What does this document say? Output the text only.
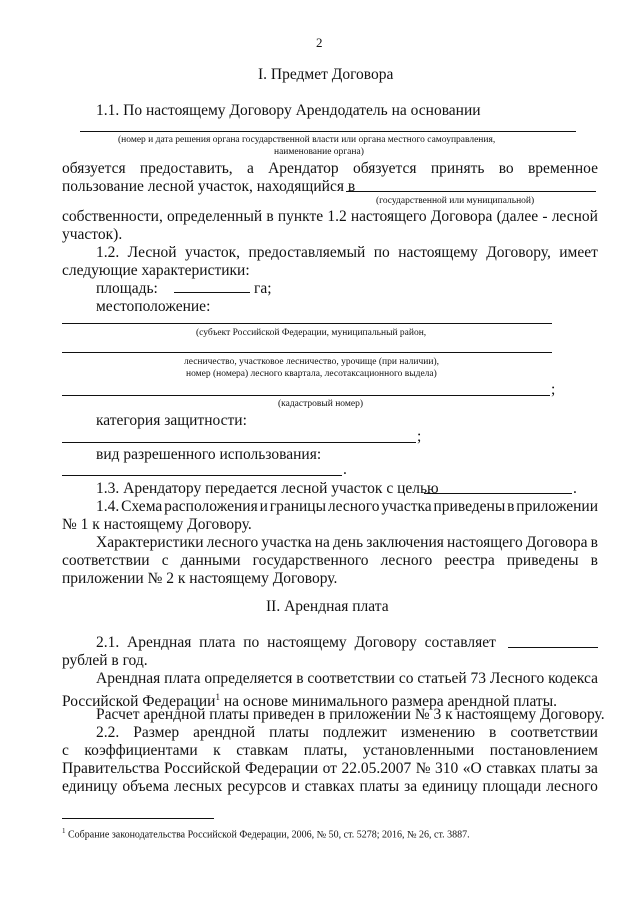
2
I. Предмет Договора
1.1. По настоящему Договору Арендодатель на основании
(номер и дата решения органа государственной власти или органа местного самоуправления,
наименование органа)
обязуется предоставить, а Арендатор обязуется принять во временное
пользование лесной участок, находящийся в
(государственной или муниципальной)
собственности, определенный в пункте 1.2 настоящего Договора (далее - лесной
участок).
1.2. Лесной участок, предоставляемый по настоящему Договору, имеет
следующие характеристики:
площадь:	га;
местоположение:
(субъект Российской Федерации, муниципальный район,
лесничество, участковое лесничество, урочище (при наличии),
номер (номера) лесного квартала, лесотаксационного выдела)
;
(кадастровый номер)
категория защитности:
;
вид разрешенного использования:
.
1.3. Арендатору передается лесной участок с целью	.
1.4. Схема расположения и границы лесного участка приведены в приложении
№ 1 к настоящему Договору.
Характеристики лесного участка на день заключения настоящего Договора в
соответствии с данными государственного лесного реестра приведены в
приложении № 2 к настоящему Договору.
II. Арендная плата
2.1. Арендная плата по настоящему Договору составляет
рублей в год.
Арендная плата определяется в соответствии со статьей 73 Лесного кодекса
Российской Федерации$^1$ на основе минимального размера арендной платы.
Расчет арендной платы приведен в приложении № 3 к настоящему Договору.
2.2. Размер арендной платы подлежит изменению в соответствии
с коэффициентами к ставкам платы, установленными постановлением
Правительства Российской Федерации от 22.05.2007 № 310 «О ставках платы за
единицу объема лесных ресурсов и ставках платы за единицу площади лесного
$^1$ Собрание законодательства Российской Федерации, 2006, № 50, ст. 5278; 2016, № 26, ст. 3887.
